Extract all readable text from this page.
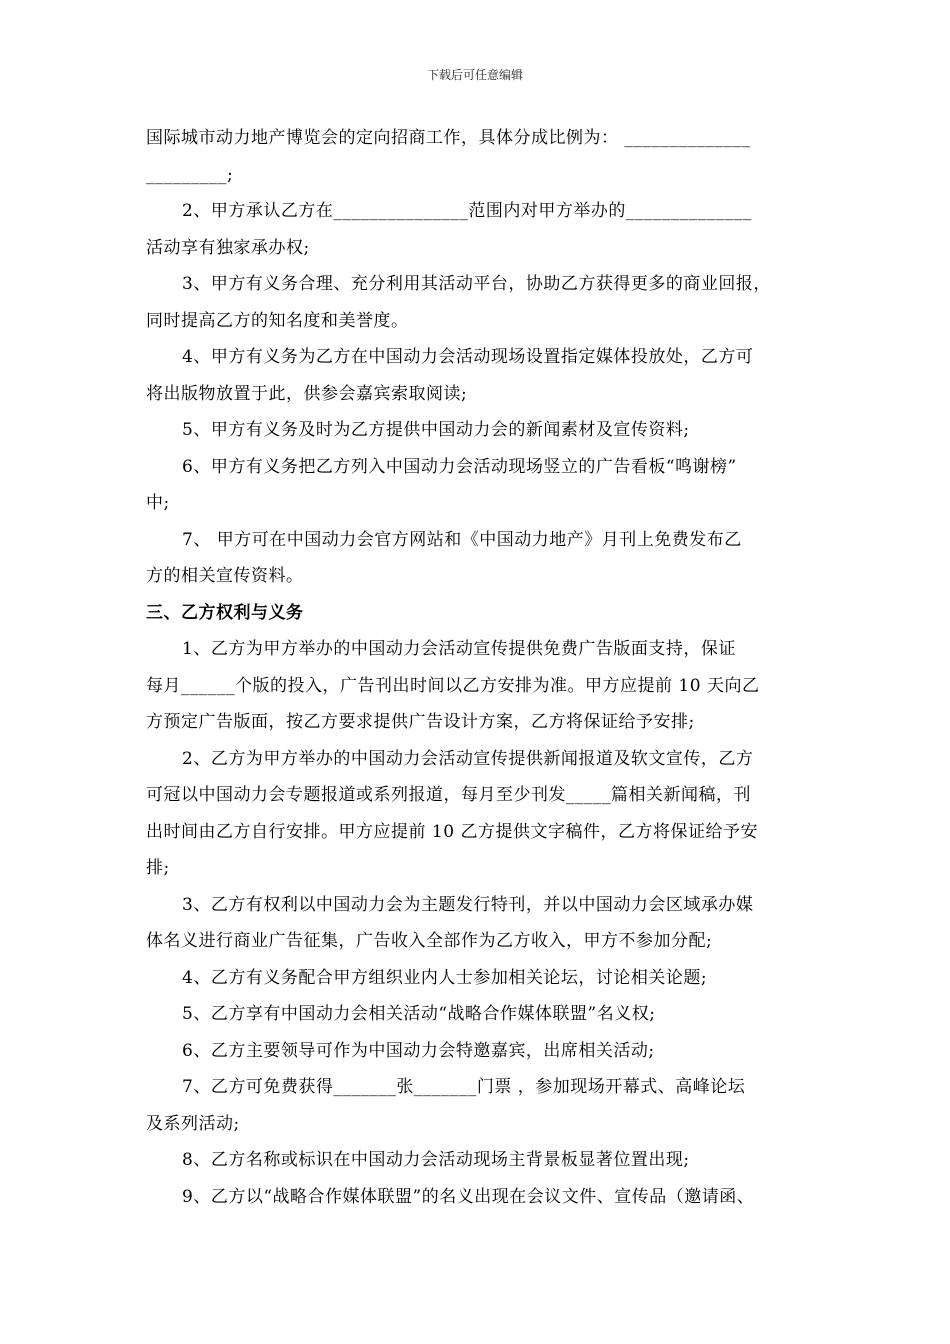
下载后可任意编辑
国际城市动力地产博览会的定向招商工作，具体分成比例为： ______________
_________;
2、甲方承认乙方在_______________范围内对甲方举办的______________
活动享有独家承办权;
3、甲方有义务合理、充分利用其活动平台，协助乙方获得更多的商业回报，
同时提高乙方的知名度和美誉度。
4、甲方有义务为乙方在中国动力会活动现场设置指定媒体投放处，乙方可
将出版物放置于此，供参会嘉宾索取阅读;
5、甲方有义务及时为乙方提供中国动力会的新闻素材及宣传资料;
6、甲方有义务把乙方列入中国动力会活动现场竖立的广告看板“鸣谢榜”
中;
7、 甲方可在中国动力会官方网站和《中国动力地产》月刊上免费发布乙
方的相关宣传资料。
三、乙方权利与义务
1、乙方为甲方举办的中国动力会活动宣传提供免费广告版面支持，保证
每月______个版的投入，广告刊出时间以乙方安排为准。甲方应提前 10 天向乙
方预定广告版面，按乙方要求提供广告设计方案，乙方将保证给予安排;
2、乙方为甲方举办的中国动力会活动宣传提供新闻报道及软文宣传，乙方
可冠以中国动力会专题报道或系列报道，每月至少刊发_____篇相关新闻稿，刊
出时间由乙方自行安排。甲方应提前 10 乙方提供文字稿件，乙方将保证给予安
排;
3、乙方有权利以中国动力会为主题发行特刊，并以中国动力会区域承办媒
体名义进行商业广告征集，广告收入全部作为乙方收入，甲方不参加分配;
4、乙方有义务配合甲方组织业内人士参加相关论坛，讨论相关论题;
5、乙方享有中国动力会相关活动“战略合作媒体联盟”名义权;
6、乙方主要领导可作为中国动力会特邀嘉宾，出席相关活动;
7、乙方可免费获得_______张_______门票 ，参加现场开幕式、高峰论坛
及系列活动;
8、乙方名称或标识在中国动力会活动现场主背景板显著位置出现;
9、乙方以“战略合作媒体联盟”的名义出现在会议文件、宣传品（邀请函、
